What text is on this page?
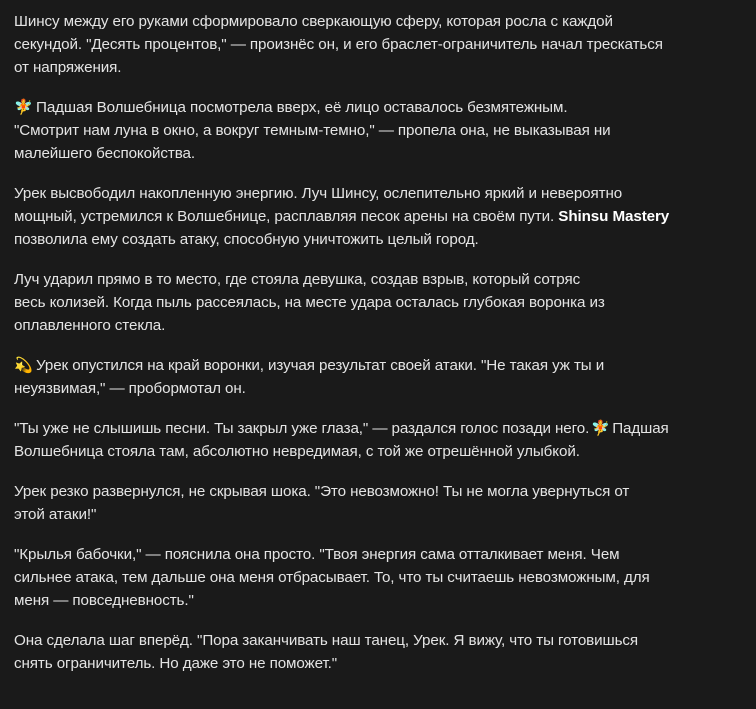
Шинсу между его руками сформировало сверкающую сферу, которая росла с каждой
секундой. "Десять процентов," — произнёс он, и его браслет-ограничитель начал трескаться
от напряжения.

🧚 Падшая Волшебница посмотрела вверх, её лицо оставалось безмятежным.
"Смотрит нам луна в окно, а вокруг темным-темно," — пропела она, не выказывая ни
малейшего беспокойства.

Урек высвободил накопленную энергию. Луч Шинсу, ослепительно яркий и невероятно
мощный, устремился к Волшебнице, расплавляя песок арены на своём пути. Shinsu Mastery
позволила ему создать атаку, способную уничтожить целый город.

Луч ударил прямо в то место, где стояла девушка, создав взрыв, который сотряс
весь колизей. Когда пыль рассеялась, на месте удара осталась глубокая воронка из
оплавленного стекла.

💫 Урек опустился на край воронки, изучая результат своей атаки. "Не такая уж ты и
неуязвимая," — пробормотал он.

"Ты уже не слышишь песни. Ты закрыл уже глаза," — раздался голос позади него. 🧚 Падшая
Волшебница стояла там, абсолютно невредимая, с той же отрешённой улыбкой.

Урек резко развернулся, не скрывая шока. "Это невозможно! Ты не могла увернуться от
этой атаки!"

"Крылья бабочки," — пояснила она просто. "Твоя энергия сама отталкивает меня. Чем
сильнее атака, тем дальше она меня отбрасывает. То, что ты считаешь невозможным, для
меня — повседневность."

Она сделала шаг вперёд. "Пора заканчивать наш танец, Урек. Я вижу, что ты готовишься
снять ограничитель. Но даже это не поможет."
